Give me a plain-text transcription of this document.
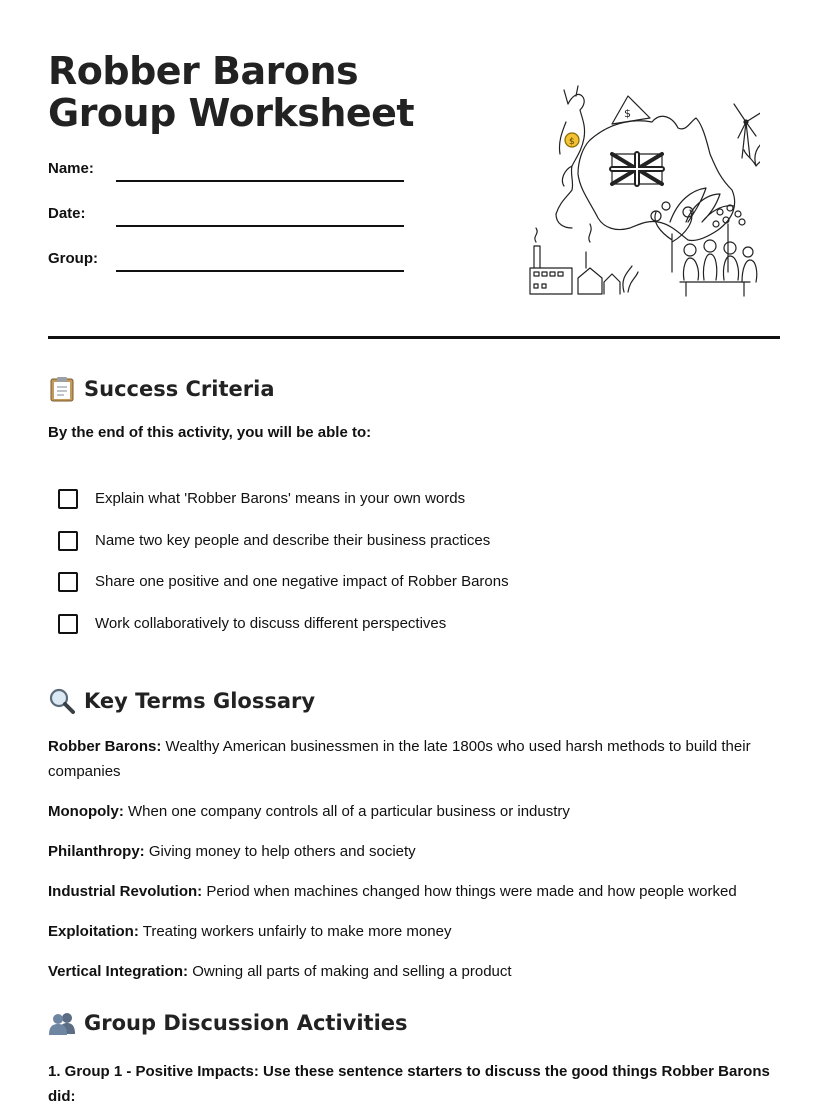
Robber Barons Group Worksheet
Name:
Date:
Group:
$
$
Success Criteria
By the end of this activity, you will be able to:
Explain what 'Robber Barons' means in your own words
Name two key people and describe their business practices
Share one positive and one negative impact of Robber Barons
Work collaboratively to discuss different perspectives
Key Terms Glossary

Robber Barons: Wealthy American businessmen in the late 1800s who used harsh methods to build their companies

Monopoly: When one company controls all of a particular business or industry

Philanthropy: Giving money to help others and society

Industrial Revolution: Period when machines changed how things were made and how people worked

Exploitation: Treating workers unfairly to make more money

Vertical Integration: Owning all parts of making and selling a product

Group Discussion Activities
1. Group 1 - Positive Impacts: Use these sentence starters to discuss the good things Robber Barons did:
